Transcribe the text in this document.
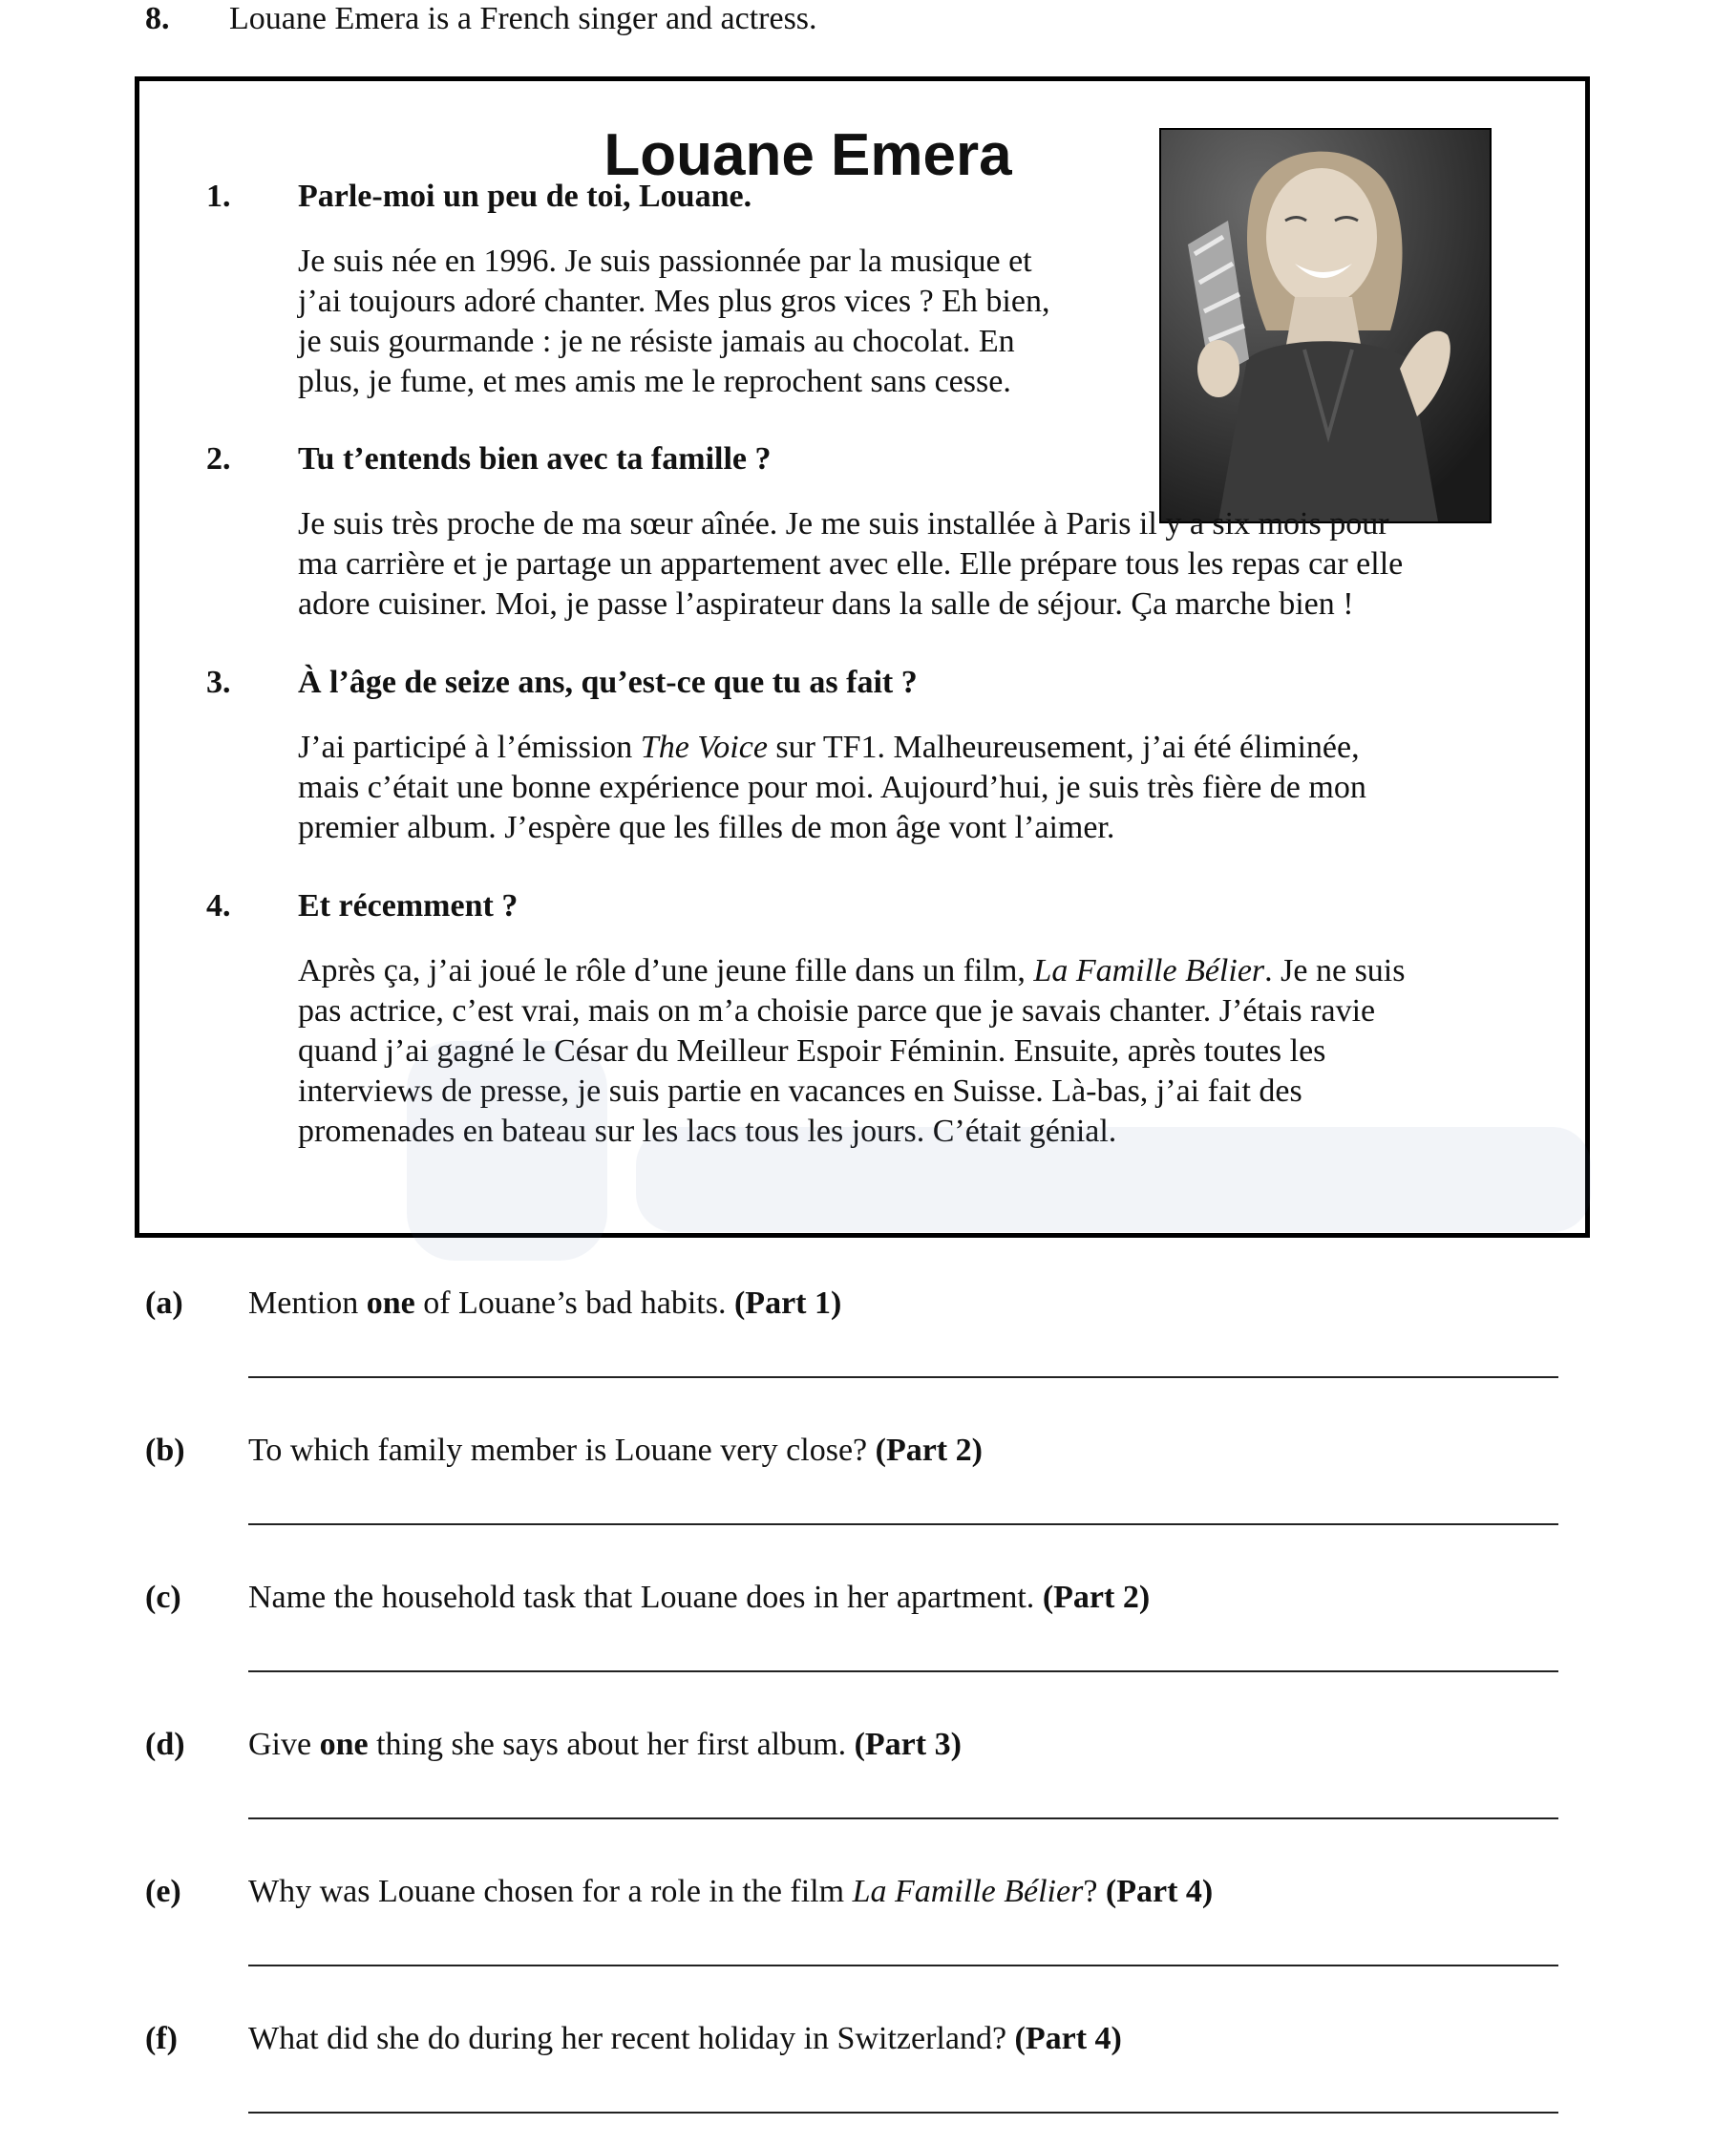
8. Louane Emera is a French singer and actress.
Louane Emera
1. Parle-moi un peu de toi, Louane.
Je suis née en 1996. Je suis passionnée par la musique et
j’ai toujours adoré chanter. Mes plus gros vices ? Eh bien,
je suis gourmande : je ne résiste jamais au chocolat. En
plus, je fume, et mes amis me le reprochent sans cesse.
2. Tu t’entends bien avec ta famille ?
Je suis très proche de ma sœur aînée. Je me suis installée à Paris il y a six mois pour
ma carrière et je partage un appartement avec elle. Elle prépare tous les repas car elle
adore cuisiner. Moi, je passe l’aspirateur dans la salle de séjour. Ça marche bien !
3. À l’âge de seize ans, qu’est-ce que tu as fait ?
J’ai participé à l’émission The Voice sur TF1. Malheureusement, j’ai été éliminée,
mais c’était une bonne expérience pour moi. Aujourd’hui, je suis très fière de mon
premier album. J’espère que les filles de mon âge vont l’aimer.
4. Et récemment ?
Après ça, j’ai joué le rôle d’une jeune fille dans un film, La Famille Bélier. Je ne suis
pas actrice, c’est vrai, mais on m’a choisie parce que je savais chanter. J’étais ravie
quand j’ai gagné le César du Meilleur Espoir Féminin. Ensuite, après toutes les
interviews de presse, je suis partie en vacances en Suisse. Là-bas, j’ai fait des
promenades en bateau sur les lacs tous les jours. C’était génial.
(a) Mention one of Louane’s bad habits. (Part 1)
(b) To which family member is Louane very close? (Part 2)
(c) Name the household task that Louane does in her apartment. (Part 2)
(d) Give one thing she says about her first album. (Part 3)
(e) Why was Louane chosen for a role in the film La Famille Bélier? (Part 4)
(f) What did she do during her recent holiday in Switzerland? (Part 4)
